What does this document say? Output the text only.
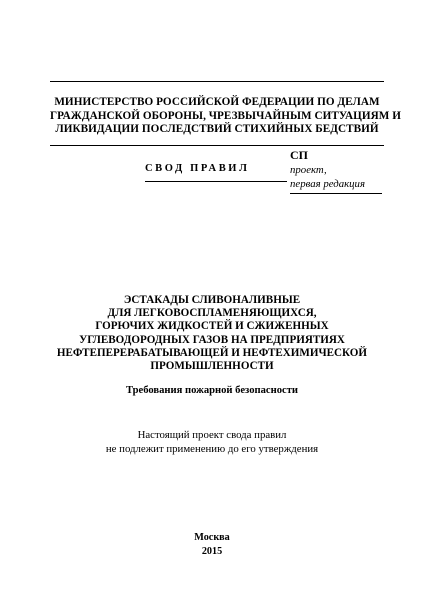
МИНИСТЕРСТВО РОССИЙСКОЙ ФЕДЕРАЦИИ ПО ДЕЛАМ
ГРАЖДАНСКОЙ ОБОРОНЫ, ЧРЕЗВЫЧАЙНЫМ СИТУАЦИЯМ И
ЛИКВИДАЦИИ ПОСЛЕДСТВИЙ СТИХИЙНЫХ БЕДСТВИЙ
СВОД ПРАВИЛ
СП
проект,
первая редакция
ЭСТАКАДЫ СЛИВОНАЛИВНЫЕ
ДЛЯ ЛЕГКОВОСПЛАМЕНЯЮЩИХСЯ,
ГОРЮЧИХ ЖИДКОСТЕЙ И СЖИЖЕННЫХ
УГЛЕВОДОРОДНЫХ ГАЗОВ НА ПРЕДПРИЯТИЯХ
НЕФТЕПЕРЕРАБАТЫВАЮЩЕЙ И НЕФТЕХИМИЧЕСКОЙ
ПРОМЫШЛЕННОСТИ
Требования пожарной безопасности
Настоящий проект свода правил
не подлежит применению до его утверждения
Москва
2015
